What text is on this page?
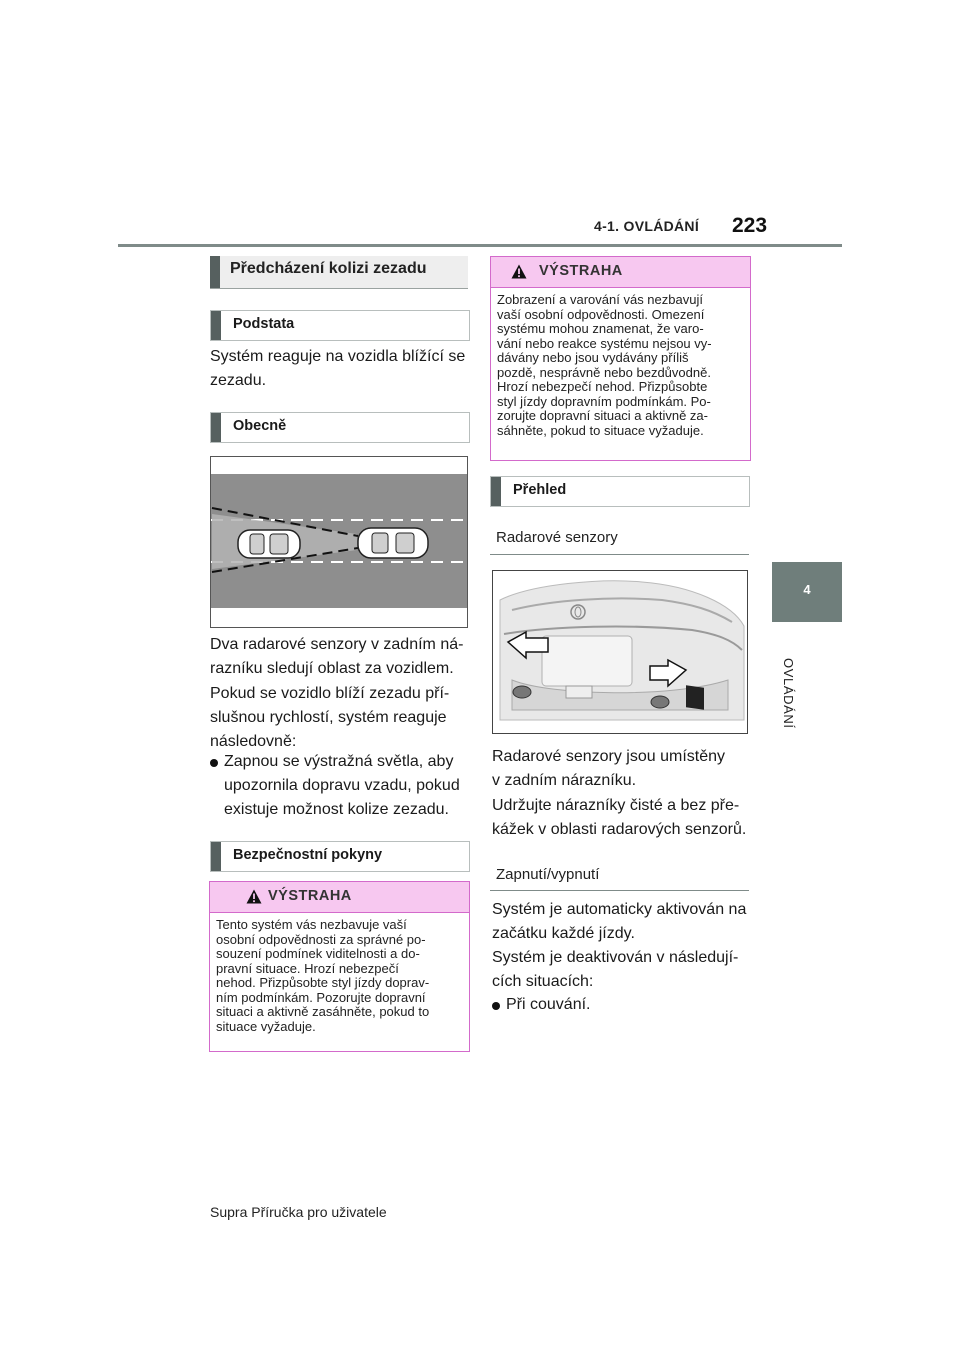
4-1. OVLÁDÁNÍ 223
4
OVLÁDÁNÍ
Předcházení kolizi zezadu
Podstata
Systém reaguje na vozidla blížící se
zezadu.
Obecně
Dva radarové senzory v zadním ná-
razníku sledují oblast za vozidlem.
Pokud se vozidlo blíží zezadu pří-
slušnou rychlostí, systém reaguje
následovně:
Zapnou se výstražná světla, aby
upozornila dopravu vzadu, pokud
existuje možnost kolize zezadu.
Bezpečnostní pokyny
VÝSTRAHA
Tento systém vás nezbavuje vaší
osobní odpovědnosti za správné po-
souzení podmínek viditelnosti a do-
pravní situace. Hrozí nebezpečí
nehod. Přizpůsobte styl jízdy doprav-
ním podmínkám. Pozorujte dopravní
situaci a aktivně zasáhněte, pokud to
situace vyžaduje.
VÝSTRAHA
Zobrazení a varování vás nezbavují
vaší osobní odpovědnosti. Omezení
systému mohou znamenat, že varo-
vání nebo reakce systému nejsou vy-
dávány nebo jsou vydávány příliš
pozdě, nesprávně nebo bezdůvodně.
Hrozí nebezpečí nehod. Přizpůsobte
styl jízdy dopravním podmínkám. Po-
zorujte dopravní situaci a aktivně za-
sáhněte, pokud to situace vyžaduje.
Přehled
Radarové senzory
Radarové senzory jsou umístěny
v zadním nárazníku.
Udržujte nárazníky čisté a bez pře-
kážek v oblasti radarových senzorů.
Zapnutí/vypnutí
Systém je automaticky aktivován na
začátku každé jízdy.
Systém je deaktivován v následují-
cích situacích:
Při couvání.
Supra Příručka pro uživatele
